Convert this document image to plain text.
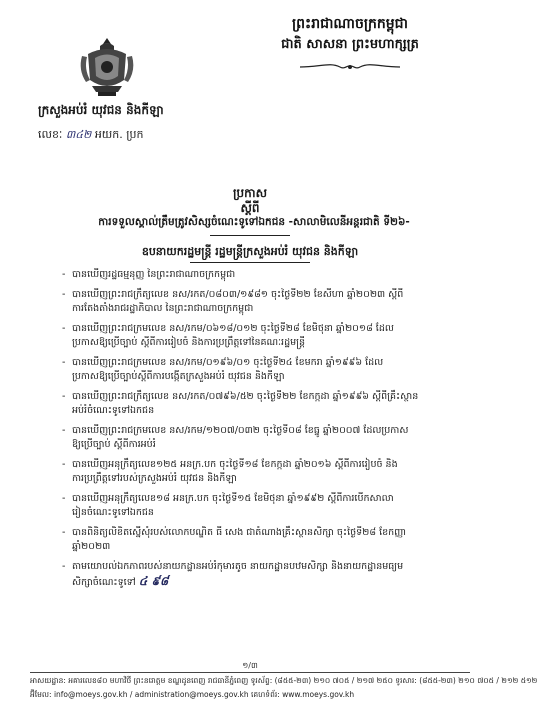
ព្រះរាជាណាចក្រកម្ពុជា
ជាតិ សាសនា ព្រះមហាក្សត្រ
ក្រសួងអប់រំ យុវជន និងកីឡា
លេខៈ ៣៤២ អយក. ប្រក
ប្រកាស
ស្តីពី
ការទទួលស្គាល់ត្រឹមត្រូវសិស្សចំណេះទូទៅឯកជន -សាលាមិលេនីអន្តរជាតិ ទី២៦-
ឧបនាយករដ្ឋមន្ត្រី រដ្ឋមន្ត្រីក្រសួងអប់រំ យុវជន និងកីឡា
- បានឃើញរដ្ឋធម្មនុញ្ញ នៃព្រះរាជាណាចក្រកម្ពុជា
- បានឃើញព្រះរាជក្រឹត្យលេខ នស/រកត/០៨០៣/១៩៨១ ចុះថ្ងៃទី២២ ខែសីហា ឆ្នាំ២០២៣ ស្តីពី
ការតែងតាំងរាជរដ្ឋាភិបាល នៃព្រះរាជាណាចក្រកម្ពុជា
- បានឃើញព្រះរាជក្រមលេខ នស/រកម/០៦១៨/០១២ ចុះថ្ងៃទី២៨ ខែមិថុនា ឆ្នាំ២០១៨ ដែល
ប្រកាសឱ្យប្រើច្បាប់ ស្តីពីការរៀបចំ និងការប្រព្រឹត្តទៅនៃគណៈរដ្ឋមន្ត្រី
- បានឃើញព្រះរាជក្រមលេខ នស/រកម/០១៩៦/០១ ចុះថ្ងៃទី២៤ ខែមករា ឆ្នាំ១៩៩៦ ដែល
ប្រកាសឱ្យប្រើច្បាប់ស្តីពីការបង្កើតក្រសួងអប់រំ យុវជន និងកីឡា
- បានឃើញព្រះរាជក្រឹត្យលេខ នស/រកត/០៧៩៦/៥២ ចុះថ្ងៃទី២២ ខែកក្កដា ឆ្នាំ១៩៩៦ ស្តីពីគ្រឹះស្ថាន
អប់រំចំណេះទូទៅឯកជន
- បានឃើញព្រះរាជក្រមលេខ នស/រកម/១២០៧/០៣២ ចុះថ្ងៃទី០៨ ខែធ្នូ ឆ្នាំ២០០៧ ដែលប្រកាស
ឱ្យប្រើច្បាប់ ស្តីពីការអប់រំ
- បានឃើញអនុក្រឹត្យលេខ១២៥ អនក្រ.បក ចុះថ្ងៃទី១៨ ខែកក្កដា ឆ្នាំ២០១៦ ស្តីពីការរៀបចំ និង
ការប្រព្រឹត្តទៅរបស់ក្រសួងអប់រំ យុវជន និងកីឡា
- បានឃើញអនុក្រឹត្យលេខ១៨ អនក្រ.បក ចុះថ្ងៃទី១៥ ខែមិថុនា ឆ្នាំ១៩៩២ ស្តីពីការបើកសាលា
រៀនចំណេះទូទៅឯកជន
- បានពិនិត្យលិខិតស្នើសុំរបស់លោកបណ្ឌិត ធី សេង ជាតំណាងគ្រឹះស្ថានសិក្សា ចុះថ្ងៃទី២៨ ខែកញ្ញា
ឆ្នាំ២០២៣
- តាមយោបល់ឯកភាពរបស់នាយកដ្ឋានអប់រំកុមារតូច នាយកដ្ឋានបឋមសិក្សា និងនាយកដ្ឋានមធ្យម
សិក្សាចំណេះទូទៅ ៤ ៩៨
១/៣
អាសយដ្ឋាន: អគារលេខ៨០ មហាវិថី ព្រះនរោត្តម ខណ្ឌដូនពេញ រាជធានីភ្នំពេញ ទូរស័ព្ទ: (៨៥៥-២៣) ២១០ ៧០៥ / ២១៧ ២៥០ ទូរសារ: (៨៥៥-២៣) ២១០ ៧០៥ / ២១២ ៥១២
អ៊ីមែល: info@moeys.gov.kh / administration@moeys.gov.kh គេហទំព័រ: www.moeys.gov.kh
